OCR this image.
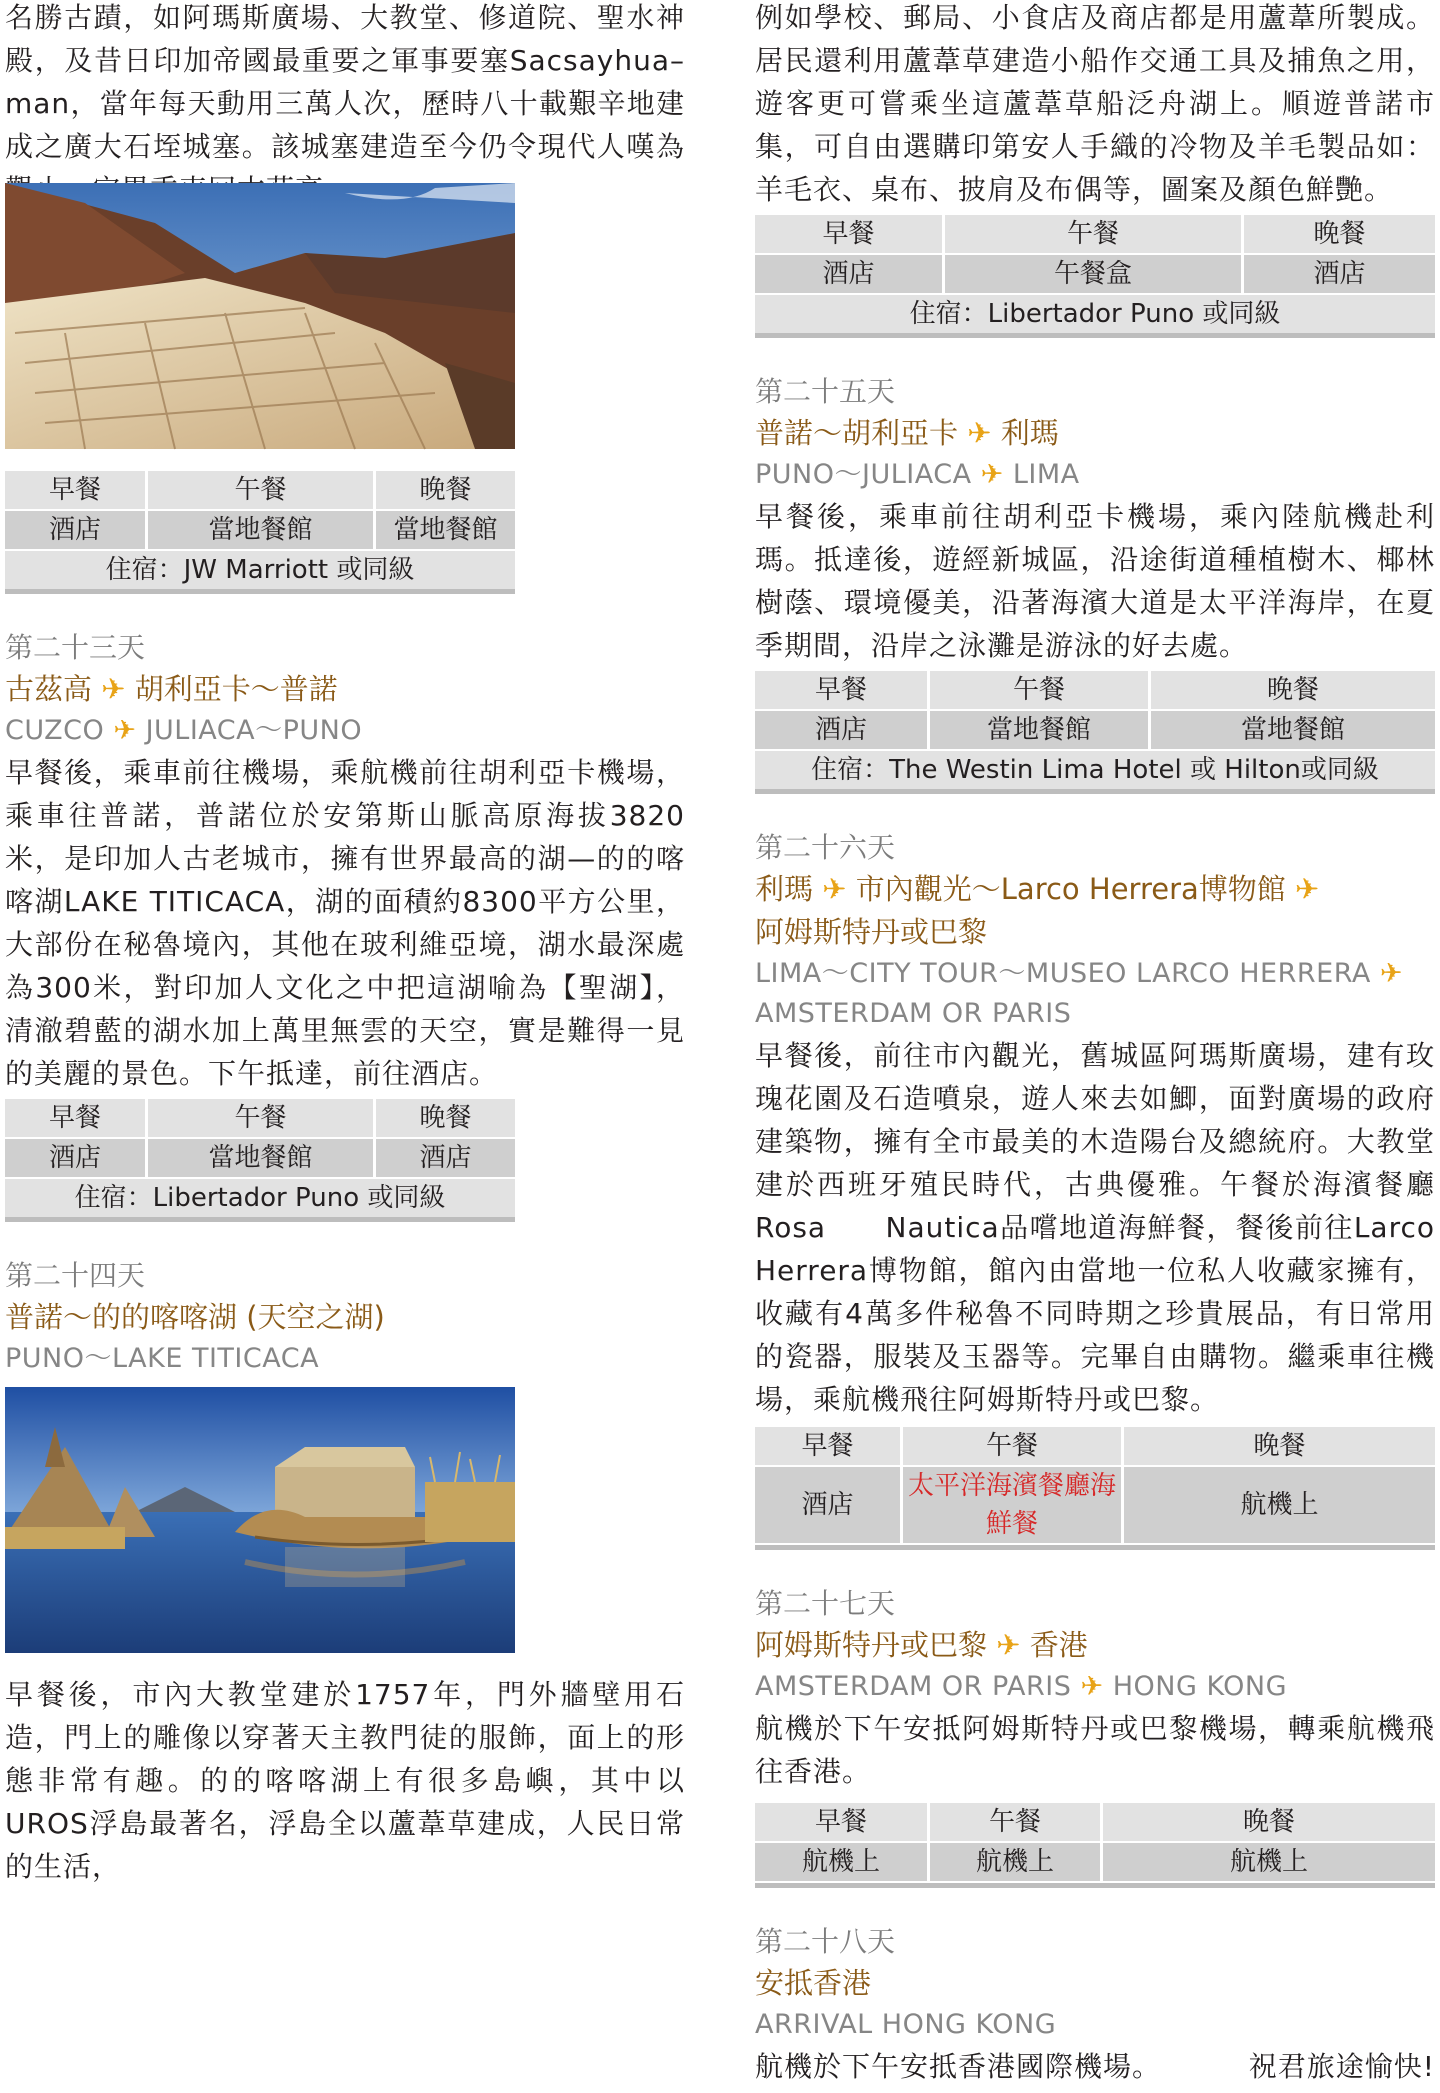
名勝古蹟，如阿瑪斯廣場、大教堂、修道院、聖水神殿，及昔日印加帝國最重要之軍事要塞Sacsayhua–man，當年每天動用三萬人次，歷時八十載艱辛地建成之廣大石垤城塞。該城塞建造至今仍令現代人嘆為

早餐	午餐	晚餐
酒店	當地餐館	當地餐館
住宿：JW Marriott 或同級		

第二十三天

古茲高 ✈ 胡利亞卡～普諾

CUZCO ✈ JULIACA～PUNO

早餐後，乘車前往機場，乘航機前往胡利亞卡機場，乘車往普諾，普諾位於安第斯山脈高原海拔3820米，是印加人古老城市，擁有世界最高的湖—的的喀喀湖LAKE TITICACA，湖的面積約8300平方公里，大部份在秘魯境內，其他在玻利維亞境，湖水最深處為300米，對印加人文化之中把這湖喻為【聖湖】，清澈碧藍的湖水加上萬里無雲的天空，實是難得一見的美麗的景色。下午抵達，前往酒店。

早餐	午餐	晚餐
酒店	當地餐館	酒店
住宿：Libertador Puno 或同級		

第二十四天

普諾～的的喀喀湖 (天空之湖)

PUNO～LAKE TITICACA

早餐後，市內大教堂建於1757年，門外牆壁用石造，門上的雕像以穿著天主教門徒的服飾，面上的形態非常有趣。的的喀喀湖上有很多島嶼，其中以UROS浮島最著名，浮島全以蘆葦草建成，人民日常的生活，

例如學校、郵局、小食店及商店都是用蘆葦所製成。居民還利用蘆葦草建造小船作交通工具及捕魚之用，遊客更可嘗乘坐這蘆葦草船泛舟湖上。順遊普諾市集，可自由選購印第安人手織的冷物及羊毛製品如：羊毛衣、桌布、披肩及布偶等，圖案及顏色鮮艷。

早餐	午餐	晚餐
酒店	午餐盒	酒店
住宿：Libertador Puno 或同級		

第二十五天

普諾～胡利亞卡 ✈ 利瑪

PUNO～JULIACA ✈ LIMA

早餐後，乘車前往胡利亞卡機場，乘內陸航機赴利瑪。抵達後，遊經新城區，沿途街道種植樹木、椰林樹蔭、環境優美，沿著海濱大道是太平洋海岸，在夏季期間，沿岸之泳灘是游泳的好去處。

早餐	午餐	晚餐
酒店	當地餐館	當地餐館
住宿：The Westin Lima Hotel 或 Hilton或同級		

第二十六天

利瑪 ✈ 市內觀光～Larco Herrera博物館 ✈
阿姆斯特丹或巴黎

LIMA～CITY TOUR～MUSEO LARCO HERRERA ✈
AMSTERDAM OR PARIS

早餐後，前往市內觀光，舊城區阿瑪斯廣場，建有玫瑰花園及石造噴泉，遊人來去如鯽，面對廣場的政府建築物，擁有全市最美的木造陽台及總統府。大教堂建於西班牙殖民時代，古典優雅。午餐於海濱餐廳Rosa　　Nautica品嚐地道海鮮餐，餐後前往Larco Herrera博物館，館內由當地一位私人收藏家擁有，收藏有4萬多件秘魯不同時期之珍貴展品，有日常用的瓷器，服裝及玉器等。完畢自由購物。繼乘車往機場，乘航機飛往阿姆斯特丹或巴黎。

早餐	午餐	晚餐
酒店	太平洋海濱餐廳海鮮餐	航機上

第二十七天

阿姆斯特丹或巴黎 ✈ 香港

AMSTERDAM OR PARIS ✈ HONG KONG

航機於下午安抵阿姆斯特丹或巴黎機場，轉乘航機飛往香港。

早餐	午餐	晚餐
航機上	航機上	航機上

第二十八天

安抵香港

ARRIVAL HONG KONG

航機於下午安抵香港國際機場。	祝君旅途愉快!
